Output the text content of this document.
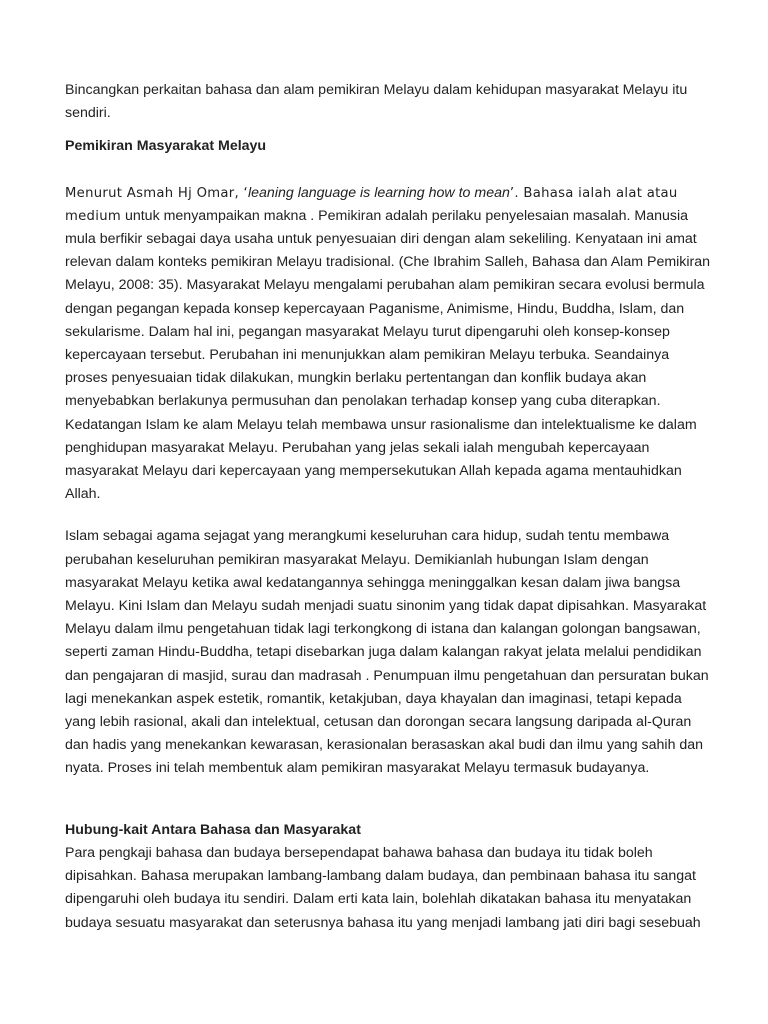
Bincangkan perkaitan bahasa dan alam pemikiran Melayu dalam kehidupan masyarakat Melayu itu sendiri.

Pemikiran Masyarakat Melayu

Menurut Asmah Hj Omar, ‘leaning language is learning how to mean’. Bahasa ialah alat atau medium untuk menyampaikan makna . Pemikiran adalah perilaku penyelesaian masalah. Manusia mula berfikir sebagai daya usaha untuk penyesuaian diri dengan alam sekeliling. Kenyataan ini amat relevan dalam konteks pemikiran Melayu tradisional. (Che Ibrahim Salleh, Bahasa dan Alam Pemikiran Melayu, 2008: 35). Masyarakat Melayu mengalami perubahan alam pemikiran secara evolusi bermula dengan pegangan kepada konsep kepercayaan Paganisme, Animisme, Hindu, Buddha, Islam, dan sekularisme. Dalam hal ini, pegangan masyarakat Melayu turut dipengaruhi oleh konsep-konsep kepercayaan tersebut. Perubahan ini menunjukkan alam pemikiran Melayu terbuka. Seandainya proses penyesuaian tidak dilakukan, mungkin berlaku pertentangan dan konflik budaya akan menyebabkan berlakunya permusuhan dan penolakan terhadap konsep yang cuba diterapkan. Kedatangan Islam ke alam Melayu telah membawa unsur rasionalisme dan intelektualisme ke dalam penghidupan masyarakat Melayu. Perubahan yang jelas sekali ialah mengubah kepercayaan masyarakat Melayu dari kepercayaan yang mempersekutukan Allah kepada agama mentauhidkan Allah.

Islam sebagai agama sejagat yang merangkumi keseluruhan cara hidup, sudah tentu membawa perubahan keseluruhan pemikiran masyarakat Melayu. Demikianlah hubungan Islam dengan masyarakat Melayu ketika awal kedatangannya sehingga meninggalkan kesan dalam jiwa bangsa Melayu. Kini Islam dan Melayu sudah menjadi suatu sinonim yang tidak dapat dipisahkan. Masyarakat Melayu dalam ilmu pengetahuan tidak lagi terkongkong di istana dan kalangan golongan bangsawan, seperti zaman Hindu-Buddha, tetapi disebarkan juga dalam kalangan rakyat jelata melalui pendidikan dan pengajaran di masjid, surau dan madrasah . Penumpuan ilmu pengetahuan dan persuratan bukan lagi menekankan aspek estetik, romantik, ketakjuban, daya khayalan dan imaginasi, tetapi kepada yang lebih rasional, akali dan intelektual, cetusan dan dorongan secara langsung daripada al-Quran dan hadis yang menekankan kewarasan, kerasionalan berasaskan akal budi dan ilmu yang sahih dan nyata. Proses ini telah membentuk alam pemikiran masyarakat Melayu termasuk budayanya.

Hubung-kait Antara Bahasa dan Masyarakat

Para pengkaji bahasa dan budaya bersependapat bahawa bahasa dan budaya itu tidak boleh dipisahkan. Bahasa merupakan lambang-lambang dalam budaya, dan pembinaan bahasa itu sangat dipengaruhi oleh budaya itu sendiri. Dalam erti kata lain, bolehlah dikatakan bahasa itu menyatakan budaya sesuatu masyarakat dan seterusnya bahasa itu yang menjadi lambang jati diri bagi sesebuah
